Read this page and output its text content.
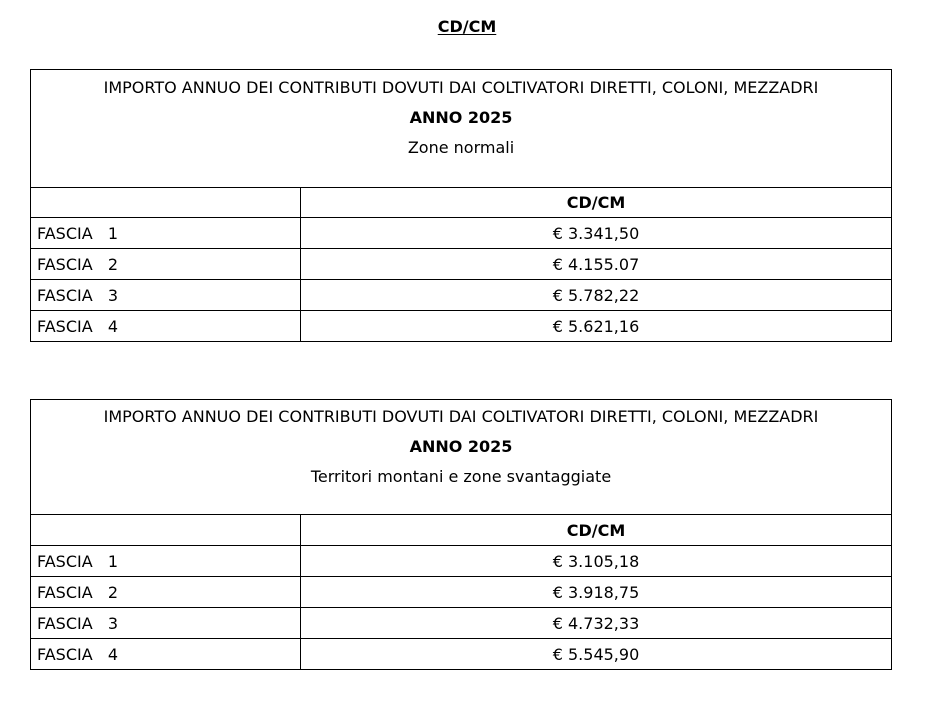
CD/CM
IMPORTO ANNUO DEI CONTRIBUTI DOVUTI DAI COLTIVATORI DIRETTI, COLONI, MEZZADRI
ANNO 2025
Zone normali	

	CD/CM
FASCIA   1	€ 3.341,50
FASCIA   2	€ 4.155.07
FASCIA   3	€ 5.782,22
FASCIA   4	€ 5.621,16
IMPORTO ANNUO DEI CONTRIBUTI DOVUTI DAI COLTIVATORI DIRETTI, COLONI, MEZZADRI
ANNO 2025
Territori montani e zone svantaggiate	

	CD/CM
FASCIA   1	€ 3.105,18
FASCIA   2	€ 3.918,75
FASCIA   3	€ 4.732,33
FASCIA   4	€ 5.545,90
